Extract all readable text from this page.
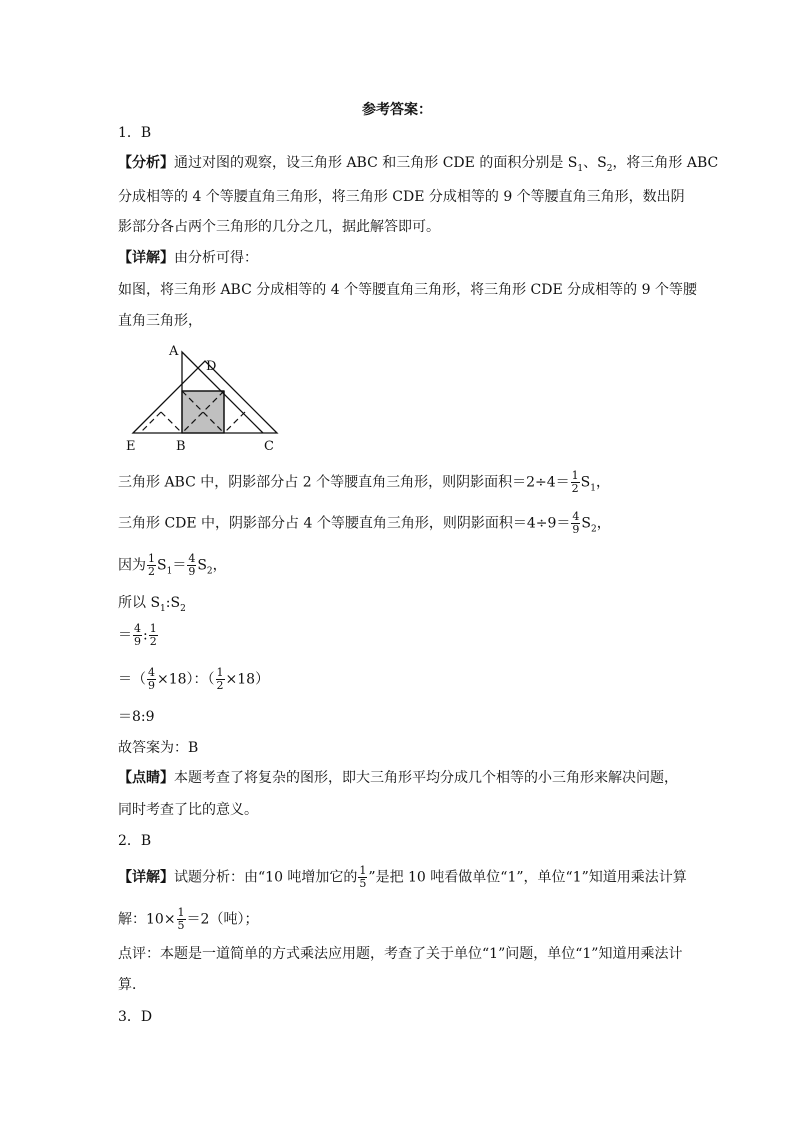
参考答案：
1．B
【分析】通过对图的观察，设三角形 ABC 和三角形 CDE 的面积分别是 $S_1$、$S_2$，将三角形 ABC
分成相等的 4 个等腰直角三角形，将三角形 CDE 分成相等的 9 个等腰直角三角形，数出阴
影部分各占两个三角形的几分之几，据此解答即可。
【详解】由分析可得：
如图，将三角形 ABC 分成相等的 4 个等腰直角三角形，将三角形 CDE 分成相等的 9 个等腰
直角三角形，
A
D
E	B	C
三角形 ABC 中，阴影部分占 2 个等腰直角三角形，则阴影面积$=2\div 4= \frac{1}{2} S_1$，
三角形 CDE 中，阴影部分占 4 个等腰直角三角形，则阴影面积$=4\div 9= \frac{4}{9} S_2$，
因为 $\frac{1}{2} S_1= \frac{4}{9} S_2$，
所以 $S_1:S_2$
＝ $\frac{4}{9}$ : $\frac{1}{2}$
＝（ $\frac{4}{9} \times 18$）：（ $\frac{1}{2} \times 18$）
＝8:9
故答案为：B
【点睛】本题考查了将复杂的图形，即大三角形平均分成几个相等的小三角形来解决问题，
同时考查了比的意义。
2．B
【详解】试题分析：由“10 吨增加它的 $\frac{1}{5}$ ”是把 10 吨看做单位“1”，单位“1”知道用乘法计算
解：$10\times \frac{1}{5} =2$（吨）；
点评：本题是一道简单的方式乘法应用题，考查了关于单位“1”问题，单位“1”知道用乘法计
算．
3．D
